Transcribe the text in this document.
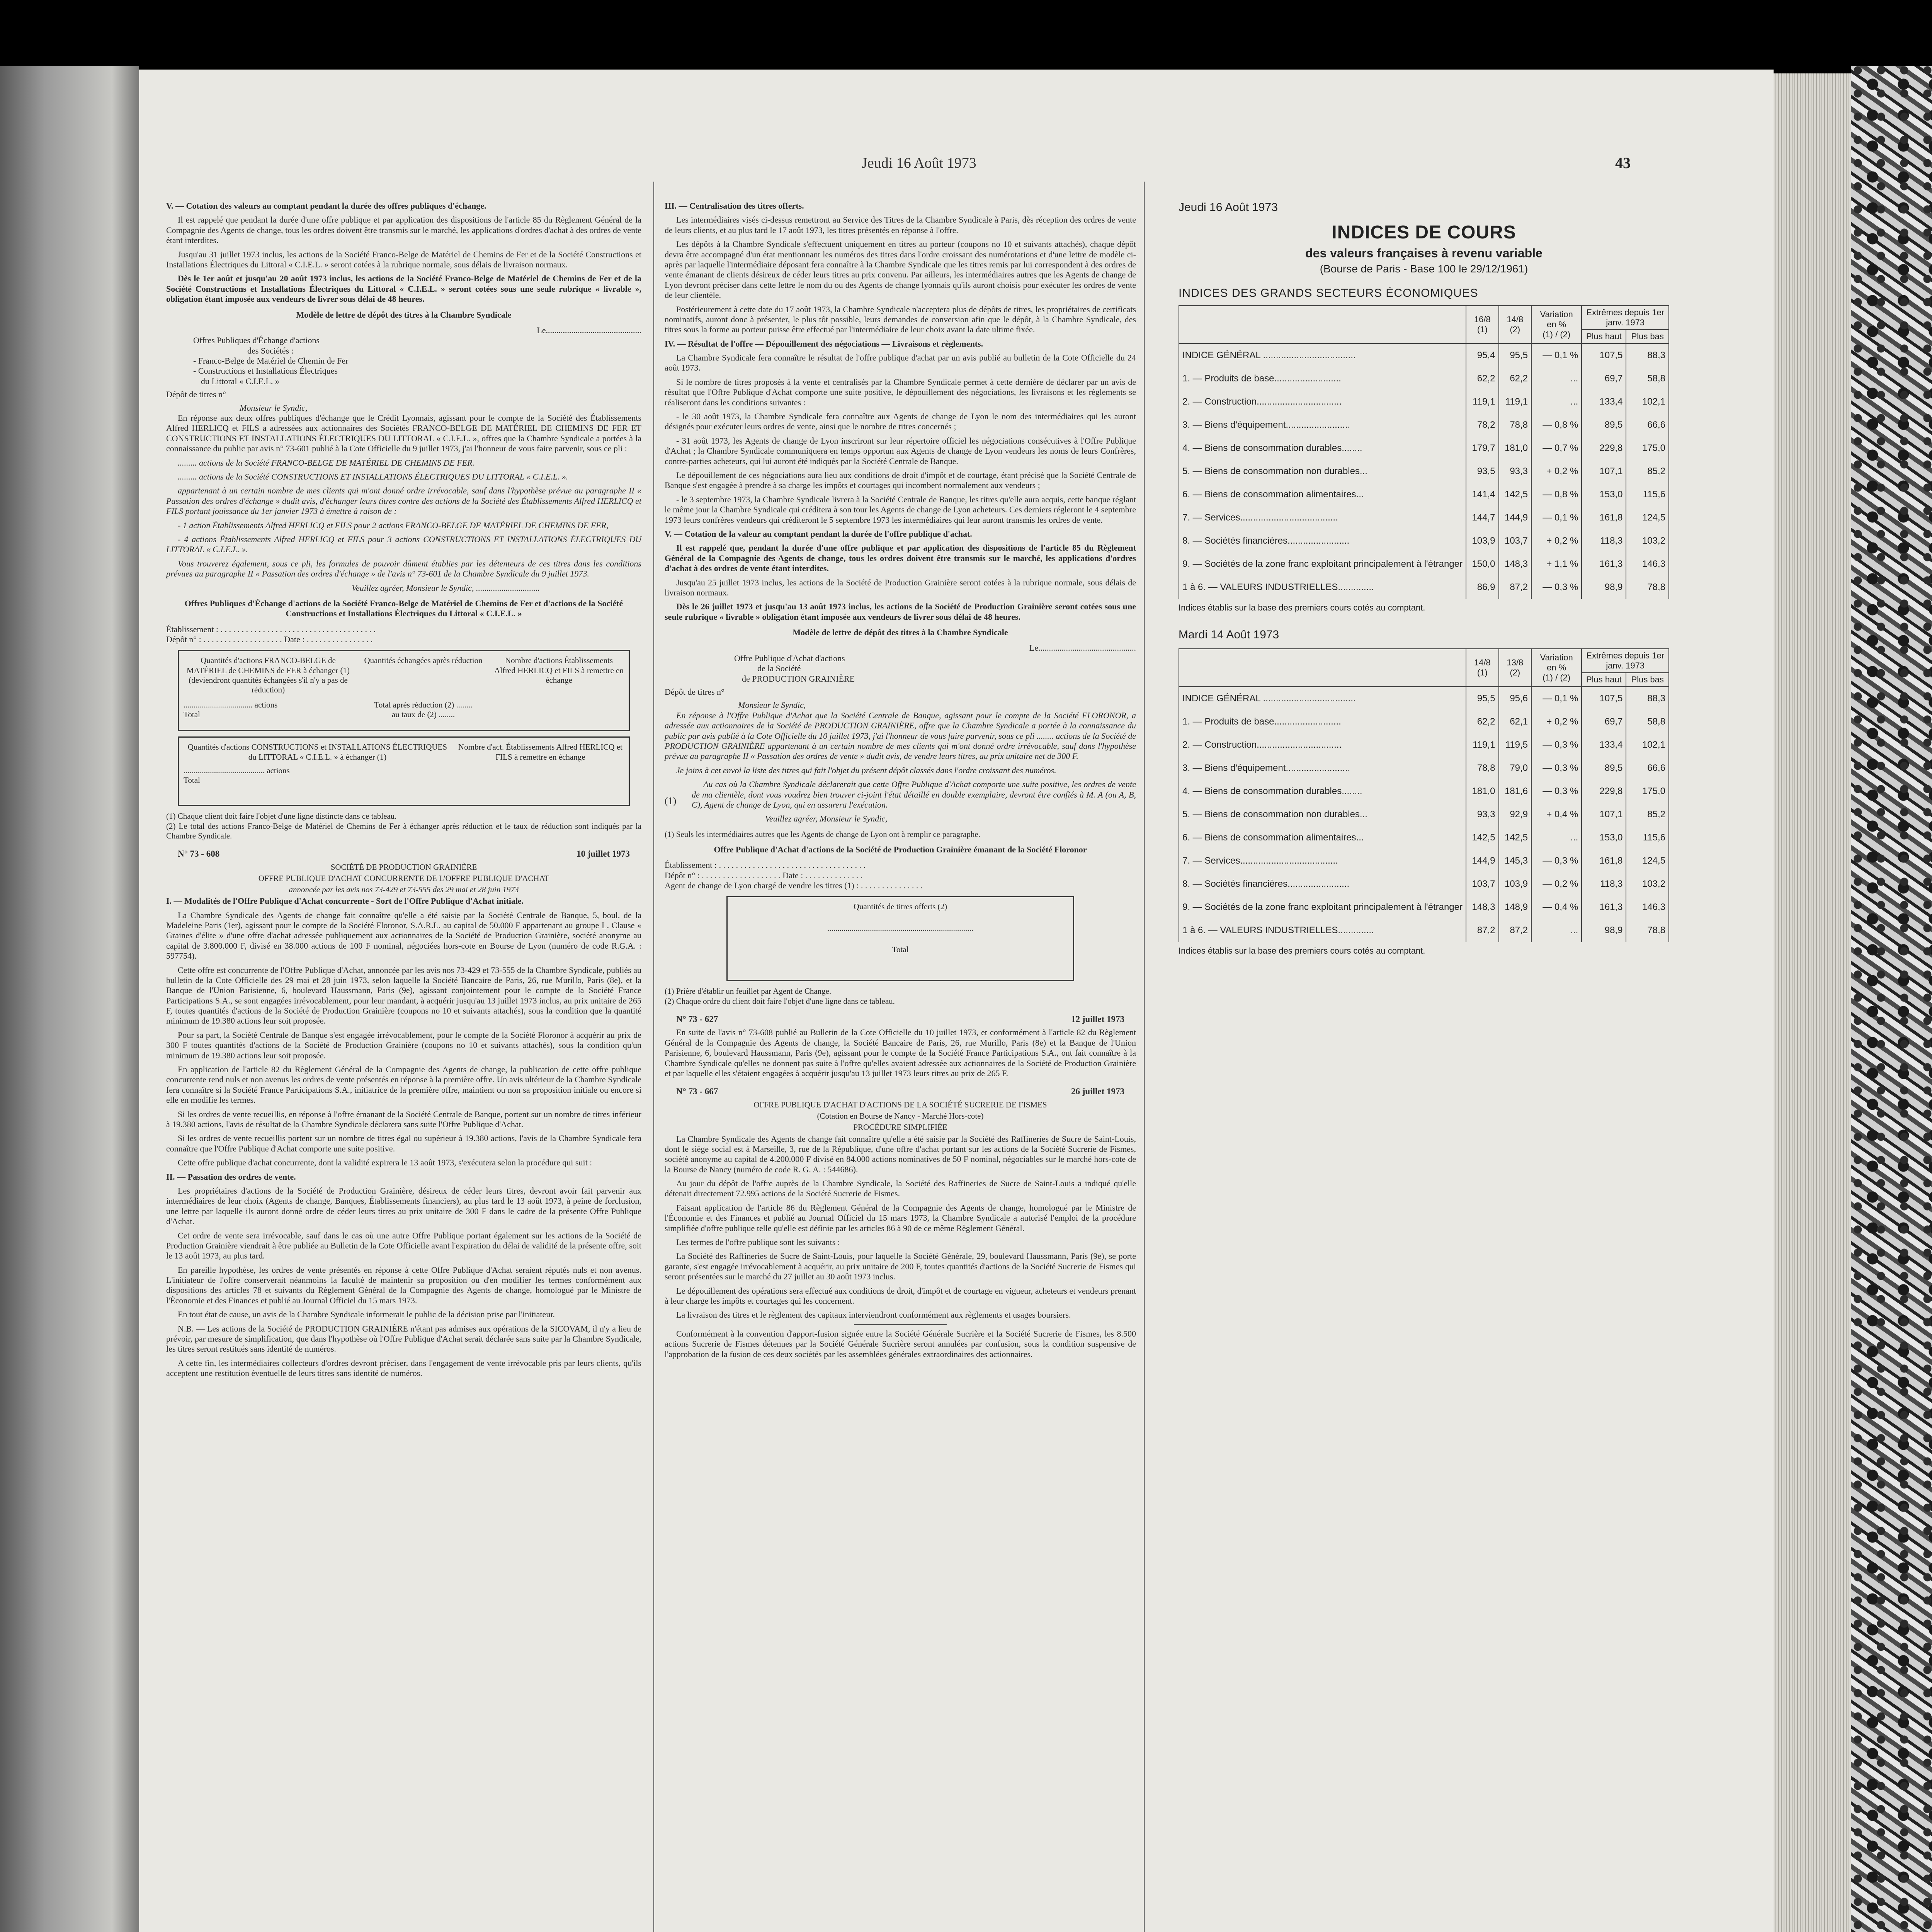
Jeudi 16 Août 1973	43

V. — Cotation des valeurs au comptant pendant la durée des offres publiques d'échange.

Il est rappelé que pendant la durée d'une offre publique et par application des dispositions de l'article 85 du Règlement Général de la Compagnie des Agents de change, tous les ordres doivent être transmis sur le marché, les applications d'ordres d'achat à des ordres de vente étant interdites.

Jusqu'au 31 juillet 1973 inclus, les actions de la Société Franco-Belge de Matériel de Chemins de Fer et de la Société Constructions et Installations Électriques du Littoral « C.I.E.L. » seront cotées à la rubrique normale, sous délais de livraison normaux.

Dès le 1er août et jusqu'au 20 août 1973 inclus, les actions de la Société Franco-Belge de Matériel de Chemins de Fer et de la Société Constructions et Installations Électriques du Littoral « C.I.E.L. » seront cotées sous une seule rubrique « livrable », obligation étant imposée aux vendeurs de livrer sous délai de 48 heures.

Modèle de lettre de dépôt des titres à la Chambre Syndicale
Le.............................................
Offres Publiques d'Échange d'actions
des Sociétés :
- Franco-Belge de Matériel de Chemin de Fer
- Constructions et Installations Électriques
du Littoral « C.I.E.L. »
Dépôt de titres n°
Monsieur le Syndic,

En réponse aux deux offres publiques d'échange que le Crédit Lyonnais, agissant pour le compte de la Société des Établissements Alfred HERLICQ et FILS a adressées aux actionnaires des Sociétés FRANCO-BELGE DE MATÉRIEL DE CHEMINS DE FER ET CONSTRUCTIONS ET INSTALLATIONS ÉLECTRIQUES DU LITTORAL « C.I.E.L. », offres que la Chambre Syndicale a portées à la connaissance du public par avis n° 73-601 publié à la Cote Officielle du 9 juillet 1973, j'ai l'honneur de vous faire parvenir, sous ce pli :

......... actions de la Société FRANCO-BELGE DE MATÉRIEL DE CHEMINS DE FER.

......... actions de la Société CONSTRUCTIONS ET INSTALLATIONS ÉLECTRIQUES DU LITTORAL « C.I.E.L. ».

appartenant à un certain nombre de mes clients qui m'ont donné ordre irrévocable, sauf dans l'hypothèse prévue au paragraphe II « Passation des ordres d'échange » dudit avis, d'échanger leurs titres contre des actions de la Société des Établissements Alfred HERLICQ et FILS portant jouissance du 1er janvier 1973 à émettre à raison de :

- 1 action Établissements Alfred HERLICQ et FILS pour 2 actions FRANCO-BELGE DE MATÉRIEL DE CHEMINS DE FER,

- 4 actions Établissements Alfred HERLICQ et FILS pour 3 actions CONSTRUCTIONS ET INSTALLATIONS ÉLECTRIQUES DU LITTORAL « C.I.E.L. ».

Vous trouverez également, sous ce pli, les formules de pouvoir dûment établies par les détenteurs de ces titres dans les conditions prévues au paragraphe II « Passation des ordres d'échange » de l'avis n° 73-601 de la Chambre Syndicale du 9 juillet 1973.

Veuillez agréer, Monsieur le Syndic, ..............................
Offres Publiques d'Échange d'actions de la Société Franco-Belge de Matériel de Chemins de Fer et d'actions de la Société Constructions et Installations Électriques du Littoral « C.I.E.L. »
Établissement : . . . . . . . . . . . . . . . . . . . . . . . . . . . . . . . . . . . . .
Dépôt n° : . . . . . . . . . . . . . . . . . . . Date : . . . . . . . . . . . . . . . .
Quantités d'actions FRANCO-BELGE de MATÉRIEL de CHEMINS de FER à échanger (1) (deviendront quantités échangées s'il n'y a pas de réduction)
Quantités échangées après réduction	Nombre d'actions Établissements Alfred HERLICQ et FILS à remettre en échange
.................................. actions
Total
Total après réduction (2) ........
au taux de (2) ........
Quantités d'actions CONSTRUCTIONS et INSTALLATIONS ÉLECTRIQUES du LITTORAL « C.I.E.L. » à échanger (1)
Nombre d'act. Établissements Alfred HERLICQ et FILS à remettre en échange
........................................ actions
Total
(1) Chaque client doit faire l'objet d'une ligne distincte dans ce tableau.
(2) Le total des actions Franco-Belge de Matériel de Chemins de Fer à échanger après réduction et le taux de réduction sont indiqués par la Chambre Syndicale.
N° 73 - 608	10 juillet 1973
SOCIÉTÉ DE PRODUCTION GRAINIÈRE
OFFRE PUBLIQUE D'ACHAT CONCURRENTE DE L'OFFRE PUBLIQUE D'ACHAT
annoncée par les avis nos 73-429 et 73-555 des 29 mai et 28 juin 1973

I. — Modalités de l'Offre Publique d'Achat concurrente - Sort de l'Offre Publique d'Achat initiale.

La Chambre Syndicale des Agents de change fait connaître qu'elle a été saisie par la Société Centrale de Banque, 5, boul. de la Madeleine Paris (1er), agissant pour le compte de la Société Floronor, S.A.R.L. au capital de 50.000 F appartenant au groupe L. Clause « Graines d'élite » d'une offre d'achat adressée publiquement aux actionnaires de la Société de Production Grainière, société anonyme au capital de 3.800.000 F, divisé en 38.000 actions de 100 F nominal, négociées hors-cote en Bourse de Lyon (numéro de code R.G.A. : 597754).

Cette offre est concurrente de l'Offre Publique d'Achat, annoncée par les avis nos 73-429 et 73-555 de la Chambre Syndicale, publiés au bulletin de la Cote Officielle des 29 mai et 28 juin 1973, selon laquelle la Société Bancaire de Paris, 26, rue Murillo, Paris (8e), et la Banque de l'Union Parisienne, 6, boulevard Haussmann, Paris (9e), agissant conjointement pour le compte de la Société France Participations S.A., se sont engagées irrévocablement, pour leur mandant, à acquérir jusqu'au 13 juillet 1973 inclus, au prix unitaire de 265 F, toutes quantités d'actions de la Société de Production Grainière (coupons no 10 et suivants attachés), sous la condition que la quantité minimum de 19.380 actions leur soit proposée.

Pour sa part, la Société Centrale de Banque s'est engagée irrévocablement, pour le compte de la Société Floronor à acquérir au prix de 300 F toutes quantités d'actions de la Société de Production Grainière (coupons no 10 et suivants attachés), sous la condition qu'un minimum de 19.380 actions leur soit proposée.

En application de l'article 82 du Règlement Général de la Compagnie des Agents de change, la publication de cette offre publique concurrente rend nuls et non avenus les ordres de vente présentés en réponse à la première offre. Un avis ultérieur de la Chambre Syndicale fera connaître si la Société France Participations S.A., initiatrice de la première offre, maintient ou non sa proposition initiale ou encore si elle en modifie les termes.

Si les ordres de vente recueillis, en réponse à l'offre émanant de la Société Centrale de Banque, portent sur un nombre de titres inférieur à 19.380 actions, l'avis de résultat de la Chambre Syndicale déclarera sans suite l'Offre Publique d'Achat.

Si les ordres de vente recueillis portent sur un nombre de titres égal ou supérieur à 19.380 actions, l'avis de la Chambre Syndicale fera connaître que l'Offre Publique d'Achat comporte une suite positive.

Cette offre publique d'achat concurrente, dont la validité expirera le 13 août 1973, s'exécutera selon la procédure qui suit :

II. — Passation des ordres de vente.

Les propriétaires d'actions de la Société de Production Grainière, désireux de céder leurs titres, devront avoir fait parvenir aux intermédiaires de leur choix (Agents de change, Banques, Établissements financiers), au plus tard le 13 août 1973, à peine de forclusion, une lettre par laquelle ils auront donné ordre de céder leurs titres au prix unitaire de 300 F dans le cadre de la présente Offre Publique d'Achat.

Cet ordre de vente sera irrévocable, sauf dans le cas où une autre Offre Publique portant également sur les actions de la Société de Production Grainière viendrait à être publiée au Bulletin de la Cote Officielle avant l'expiration du délai de validité de la présente offre, soit le 13 août 1973, au plus tard.

En pareille hypothèse, les ordres de vente présentés en réponse à cette Offre Publique d'Achat seraient réputés nuls et non avenus. L'initiateur de l'offre conserverait néanmoins la faculté de maintenir sa proposition ou d'en modifier les termes conformément aux dispositions des articles 78 et suivants du Règlement Général de la Compagnie des Agents de change, homologué par le Ministre de l'Économie et des Finances et publié au Journal Officiel du 15 mars 1973.

En tout état de cause, un avis de la Chambre Syndicale informerait le public de la décision prise par l'initiateur.

N.B. — Les actions de la Société de PRODUCTION GRAINIÈRE n'étant pas admises aux opérations de la SICOVAM, il n'y a lieu de prévoir, par mesure de simplification, que dans l'hypothèse où l'Offre Publique d'Achat serait déclarée sans suite par la Chambre Syndicale, les titres seront restitués sans identité de numéros.

A cette fin, les intermédiaires collecteurs d'ordres devront préciser, dans l'engagement de vente irrévocable pris par leurs clients, qu'ils acceptent une restitution éventuelle de leurs titres sans identité de numéros.

III. — Centralisation des titres offerts.

Les intermédiaires visés ci-dessus remettront au Service des Titres de la Chambre Syndicale à Paris, dès réception des ordres de vente de leurs clients, et au plus tard le 17 août 1973, les titres présentés en réponse à l'offre.

Les dépôts à la Chambre Syndicale s'effectuent uniquement en titres au porteur (coupons no 10 et suivants attachés), chaque dépôt devra être accompagné d'un état mentionnant les numéros des titres dans l'ordre croissant des numérotations et d'une lettre de modèle ci-après par laquelle l'intermédiaire déposant fera connaître à la Chambre Syndicale que les titres remis par lui correspondent à des ordres de vente émanant de clients désireux de céder leurs titres au prix convenu. Par ailleurs, les intermédiaires autres que les Agents de change de Lyon devront préciser dans cette lettre le nom du ou des Agents de change lyonnais qu'ils auront choisis pour exécuter les ordres de vente de leur clientèle.

Postérieurement à cette date du 17 août 1973, la Chambre Syndicale n'acceptera plus de dépôts de titres, les propriétaires de certificats nominatifs, auront donc à présenter, le plus tôt possible, leurs demandes de conversion afin que le dépôt, à la Chambre Syndicale, des titres sous la forme au porteur puisse être effectué par l'intermédiaire de leur choix avant la date ultime fixée.

IV. — Résultat de l'offre — Dépouillement des négociations — Livraisons et règlements.

La Chambre Syndicale fera connaître le résultat de l'offre publique d'achat par un avis publié au bulletin de la Cote Officielle du 24 août 1973.

Si le nombre de titres proposés à la vente et centralisés par la Chambre Syndicale permet à cette dernière de déclarer par un avis de résultat que l'Offre Publique d'Achat comporte une suite positive, le dépouillement des négociations, les livraisons et les règlements se réaliseront dans les conditions suivantes :

- le 30 août 1973, la Chambre Syndicale fera connaître aux Agents de change de Lyon le nom des intermédiaires qui les auront désignés pour exécuter leurs ordres de vente, ainsi que le nombre de titres concernés ;

- 31 août 1973, les Agents de change de Lyon inscriront sur leur répertoire officiel les négociations consécutives à l'Offre Publique d'Achat ; la Chambre Syndicale communiquera en temps opportun aux Agents de change de Lyon vendeurs les noms de leurs Confrères, contre-parties acheteurs, qui lui auront été indiqués par la Société Centrale de Banque.

Le dépouillement de ces négociations aura lieu aux conditions de droit d'impôt et de courtage, étant précisé que la Société Centrale de Banque s'est engagée à prendre à sa charge les impôts et courtages qui incombent normalement aux vendeurs ;

- le 3 septembre 1973, la Chambre Syndicale livrera à la Société Centrale de Banque, les titres qu'elle aura acquis, cette banque réglant le même jour la Chambre Syndicale qui créditera à son tour les Agents de change de Lyon acheteurs. Ces derniers régleront le 4 septembre 1973 leurs confrères vendeurs qui créditeront le 5 septembre 1973 les intermédiaires qui leur auront transmis les ordres de vente.

V. — Cotation de la valeur au comptant pendant la durée de l'offre publique d'achat.

Il est rappelé que, pendant la durée d'une offre publique et par application des dispositions de l'article 85 du Règlement Général de la Compagnie des Agents de change, tous les ordres doivent être transmis sur le marché, les applications d'ordres d'achat à des ordres de vente étant interdites.

Jusqu'au 25 juillet 1973 inclus, les actions de la Société de Production Grainière seront cotées à la rubrique normale, sous délais de livraison normaux.

Dès le 26 juillet 1973 et jusqu'au 13 août 1973 inclus, les actions de la Société de Production Grainière seront cotées sous une seule rubrique « livrable » obligation étant imposée aux vendeurs de livrer sous délai de 48 heures.

Modèle de lettre de dépôt des titres à la Chambre Syndicale
Le..............................................
Offre Publique d'Achat d'actions
de la Société
de PRODUCTION GRAINIÈRE
Dépôt de titres n°
Monsieur le Syndic,

En réponse à l'Offre Publique d'Achat que la Société Centrale de Banque, agissant pour le compte de la Société FLORONOR, a adressée aux actionnaires de la Société de PRODUCTION GRAINIÈRE, offre que la Chambre Syndicale a portée à la connaissance du public par avis publié à la Cote Officielle du 10 juillet 1973, j'ai l'honneur de vous faire parvenir, sous ce pli ........ actions de la Société de PRODUCTION GRAINIÈRE appartenant à un certain nombre de mes clients qui m'ont donné ordre irrévocable, sauf dans l'hypothèse prévue au paragraphe II « Passation des ordres de vente » dudit avis, de vendre leurs titres, au prix unitaire net de 300 F.

Je joins à cet envoi la liste des titres qui fait l'objet du présent dépôt classés dans l'ordre croissant des numéros.

(1)

Au cas où la Chambre Syndicale déclarerait que cette Offre Publique d'Achat comporte une suite positive, les ordres de vente de ma clientèle, dont vous voudrez bien trouver ci-joint l'état détaillé en double exemplaire, devront être confiés à M. A (ou A, B, C), Agent de change de Lyon, qui en assurera l'exécution.

Veuillez agréer, Monsieur le Syndic,
(1) Seuls les intermédiaires autres que les Agents de change de Lyon ont à remplir ce paragraphe.
Offre Publique d'Achat d'actions de la Société de Production Grainière émanant de la Société Floronor
Établissement : . . . . . . . . . . . . . . . . . . . . . . . . . . . . . . . . . . .
Dépôt n° : . . . . . . . . . . . . . . . . . . . Date : . . . . . . . . . . . . . .
Agent de change de Lyon chargé de vendre les titres (1) : . . . . . . . . . . . . . . .
Quantités de titres offerts (2)
........................................................................
Total
(1) Prière d'établir un feuillet par Agent de Change.
(2) Chaque ordre du client doit faire l'objet d'une ligne dans ce tableau.
N° 73 - 627	12 juillet 1973

En suite de l'avis n° 73-608 publié au Bulletin de la Cote Officielle du 10 juillet 1973, et conformément à l'article 82 du Règlement Général de la Compagnie des Agents de change, la Société Bancaire de Paris, 26, rue Murillo, Paris (8e) et la Banque de l'Union Parisienne, 6, boulevard Haussmann, Paris (9e), agissant pour le compte de la Société France Participations S.A., ont fait connaître à la Chambre Syndicale qu'elles ne donnent pas suite à l'offre qu'elles avaient adressée aux actionnaires de la Société de Production Grainière et par laquelle elles s'étaient engagées à acquérir jusqu'au 13 juillet 1973 leurs titres au prix de 265 F.

N° 73 - 667	26 juillet 1973
OFFRE PUBLIQUE D'ACHAT D'ACTIONS DE LA SOCIÉTÉ SUCRERIE DE FISMES
(Cotation en Bourse de Nancy - Marché Hors-cote)
PROCÉDURE SIMPLIFIÉE

La Chambre Syndicale des Agents de change fait connaître qu'elle a été saisie par la Société des Raffineries de Sucre de Saint-Louis, dont le siège social est à Marseille, 3, rue de la République, d'une offre d'achat portant sur les actions de la Société Sucrerie de Fismes, société anonyme au capital de 4.200.000 F divisé en 84.000 actions nominatives de 50 F nominal, négociables sur le marché hors-cote de la Bourse de Nancy (numéro de code R. G. A. : 544686).

Au jour du dépôt de l'offre auprès de la Chambre Syndicale, la Société des Raffineries de Sucre de Saint-Louis a indiqué qu'elle détenait directement 72.995 actions de la Société Sucrerie de Fismes.

Faisant application de l'article 86 du Règlement Général de la Compagnie des Agents de change, homologué par le Ministre de l'Économie et des Finances et publié au Journal Officiel du 15 mars 1973, la Chambre Syndicale a autorisé l'emploi de la procédure simplifiée d'offre publique telle qu'elle est définie par les articles 86 à 90 de ce même Règlement Général.

Les termes de l'offre publique sont les suivants :

La Société des Raffineries de Sucre de Saint-Louis, pour laquelle la Société Générale, 29, boulevard Haussmann, Paris (9e), se porte garante, s'est engagée irrévocablement à acquérir, au prix unitaire de 200 F, toutes quantités d'actions de la Société Sucrerie de Fismes qui seront présentées sur le marché du 27 juillet au 30 août 1973 inclus.

Le dépouillement des opérations sera effectué aux conditions de droit, d'impôt et de courtage en vigueur, acheteurs et vendeurs prenant à leur charge les impôts et courtages qui les concernent.

La livraison des titres et le règlement des capitaux interviendront conformément aux règlements et usages boursiers.

Conformément à la convention d'apport-fusion signée entre la Société Générale Sucrière et la Société Sucrerie de Fismes, les 8.500 actions Sucrerie de Fismes détenues par la Société Générale Sucrière seront annulées par confusion, sous la condition suspensive de l'approbation de la fusion de ces deux sociétés par les assemblées générales extraordinaires des actionnaires.

Jeudi 16 Août 1973
INDICES DE COURS
des valeurs françaises à revenu variable
(Bourse de Paris - Base 100 le 29/12/1961)
INDICES DES GRANDS SECTEURS ÉCONOMIQUES
	16/8 (1)	14/8 (2)	Variation en %
(1) / (2)	Extrêmes depuis 1er janv. 1973	
				Plus haut	Plus bas
INDICE GÉNÉRAL ....................................	95,4	95,5	— 0,1 %	107,5	88,3
1. — Produits de base..........................	62,2	62,2	...	69,7	58,8
2. — Construction.................................	119,1	119,1	...	133,4	102,1
3. — Biens d'équipement.........................	78,2	78,8	— 0,8 %	89,5	66,6
4. — Biens de consommation durables........	179,7	181,0	— 0,7 %	229,8	175,0
5. — Biens de consommation non durables...	93,5	93,3	+ 0,2 %	107,1	85,2
6. — Biens de consommation alimentaires...	141,4	142,5	— 0,8 %	153,0	115,6
7. — Services......................................	144,7	144,9	— 0,1 %	161,8	124,5
8. — Sociétés financières........................	103,9	103,7	+ 0,2 %	118,3	103,2
9. — Sociétés de la zone franc exploitant principalement à l'étranger	150,0	148,3	+ 1,1 %	161,3	146,3
1 à 6. — VALEURS INDUSTRIELLES..............	86,9	87,2	— 0,3 %	98,9	78,8
Indices établis sur la base des premiers cours cotés au comptant.
Mardi 14 Août 1973
	14/8 (1)	13/8 (2)	Variation en %
(1) / (2)	Extrêmes depuis 1er janv. 1973	
				Plus haut	Plus bas
INDICE GÉNÉRAL ....................................	95,5	95,6	— 0,1 %	107,5	88,3
1. — Produits de base..........................	62,2	62,1	+ 0,2 %	69,7	58,8
2. — Construction.................................	119,1	119,5	— 0,3 %	133,4	102,1
3. — Biens d'équipement.........................	78,8	79,0	— 0,3 %	89,5	66,6
4. — Biens de consommation durables........	181,0	181,6	— 0,3 %	229,8	175,0
5. — Biens de consommation non durables...	93,3	92,9	+ 0,4 %	107,1	85,2
6. — Biens de consommation alimentaires...	142,5	142,5	...	153,0	115,6
7. — Services......................................	144,9	145,3	— 0,3 %	161,8	124,5
8. — Sociétés financières........................	103,7	103,9	— 0,2 %	118,3	103,2
9. — Sociétés de la zone franc exploitant principalement à l'étranger	148,3	148,9	— 0,4 %	161,3	146,3
1 à 6. — VALEURS INDUSTRIELLES..............	87,2	87,2	...	98,9	78,8
Indices établis sur la base des premiers cours cotés au comptant.
